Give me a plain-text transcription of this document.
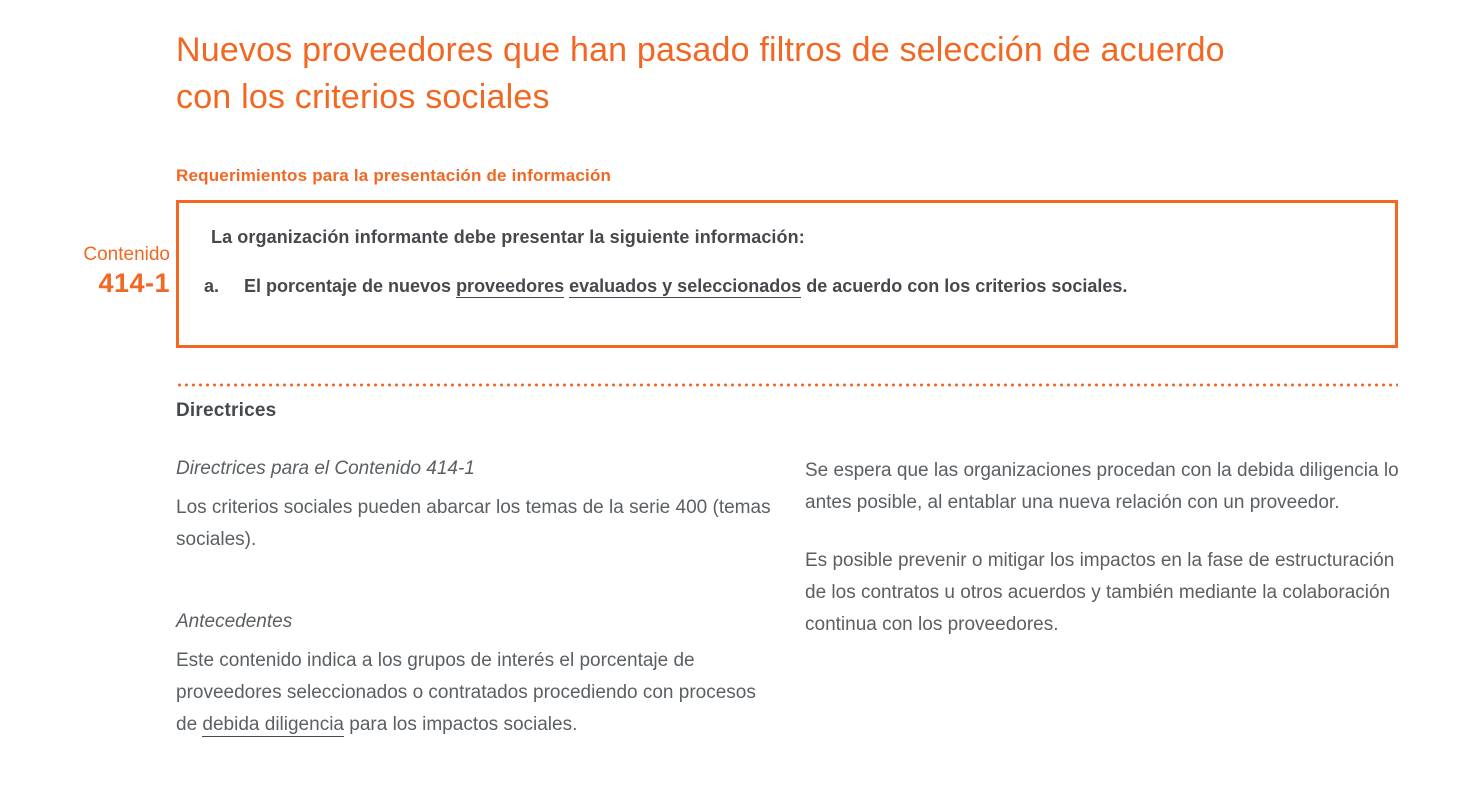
Nuevos proveedores que han pasado filtros de selección de acuerdo con los criterios sociales
Requerimientos para la presentación de información
Contenido
414-1
La organización informante debe presentar la siguiente información:
a.	El porcentaje de nuevos proveedores evaluados y seleccionados de acuerdo con los criterios sociales.
Directrices

Directrices para el Contenido 414-1

Los criterios sociales pueden abarcar los temas de la serie 400 (temas sociales).

Antecedentes

Este contenido indica a los grupos de interés el porcentaje de proveedores seleccionados o contratados procediendo con procesos de debida diligencia para los impactos sociales.

Se espera que las organizaciones procedan con la debida diligencia lo antes posible, al entablar una nueva relación con un proveedor.

Es posible prevenir o mitigar los impactos en la fase de estructuración de los contratos u otros acuerdos y también mediante la colaboración continua con los proveedores.
